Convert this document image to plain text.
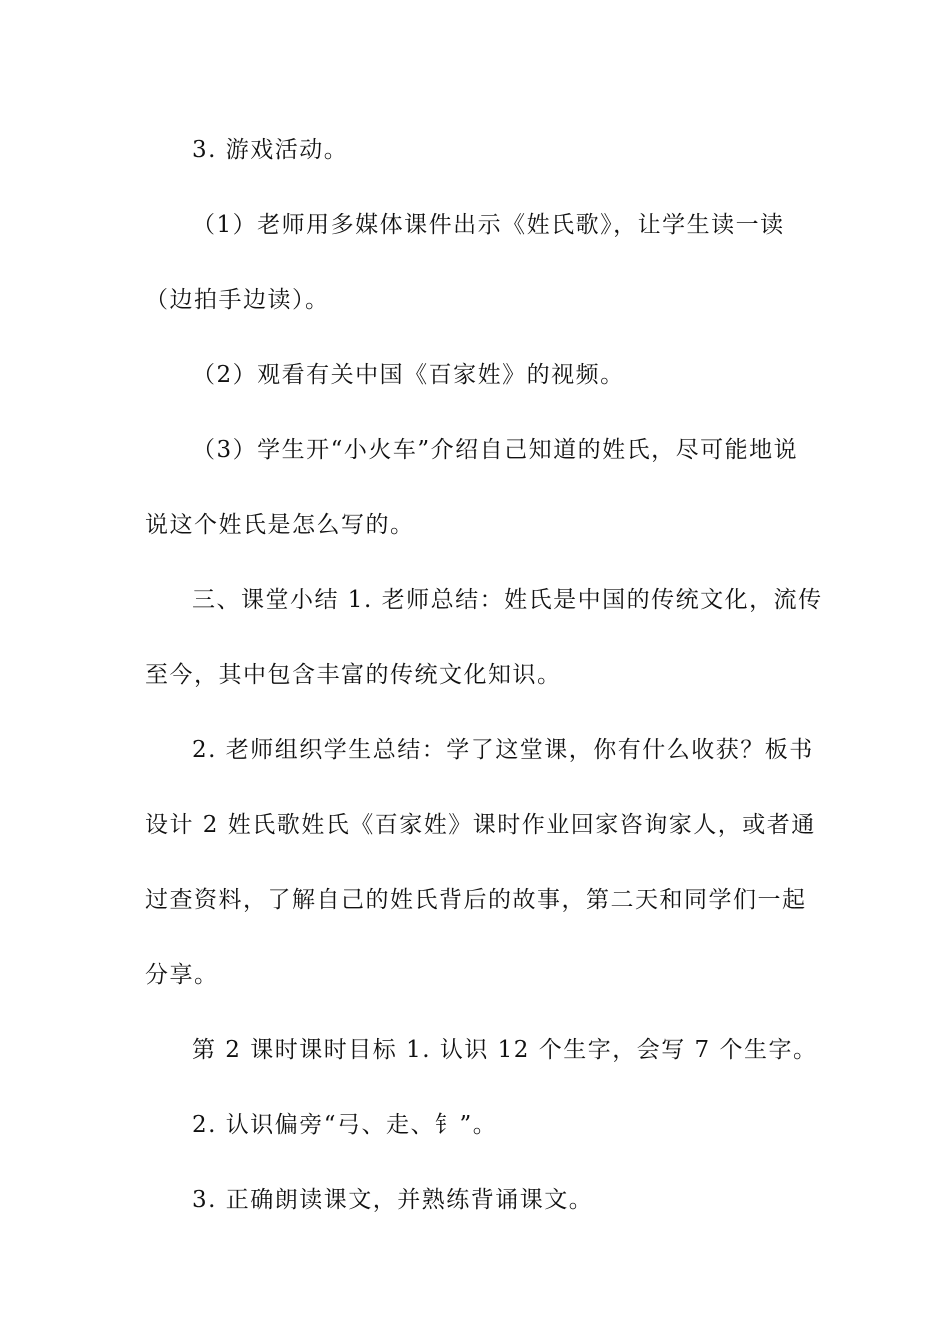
3. 游戏活动。
（1）老师用多媒体课件出示《姓氏歌》，让学生读一读
（边拍手边读）。
（2）观看有关中国《百家姓》的视频。
（3）学生开“小火车”介绍自己知道的姓氏，尽可能地说
说这个姓氏是怎么写的。
三、课堂小结 1. 老师总结：姓氏是中国的传统文化，流传
至今，其中包含丰富的传统文化知识。
2. 老师组织学生总结：学了这堂课，你有什么收获？板书
设计 2 姓氏歌姓氏《百家姓》课时作业回家咨询家人，或者通
过查资料，了解自己的姓氏背后的故事，第二天和同学们一起
分享。
第 2 课时课时目标 1. 认识 12 个生字，会写 7 个生字。
2. 认识偏旁“弓、走、钅”。
3. 正确朗读课文，并熟练背诵课文。
